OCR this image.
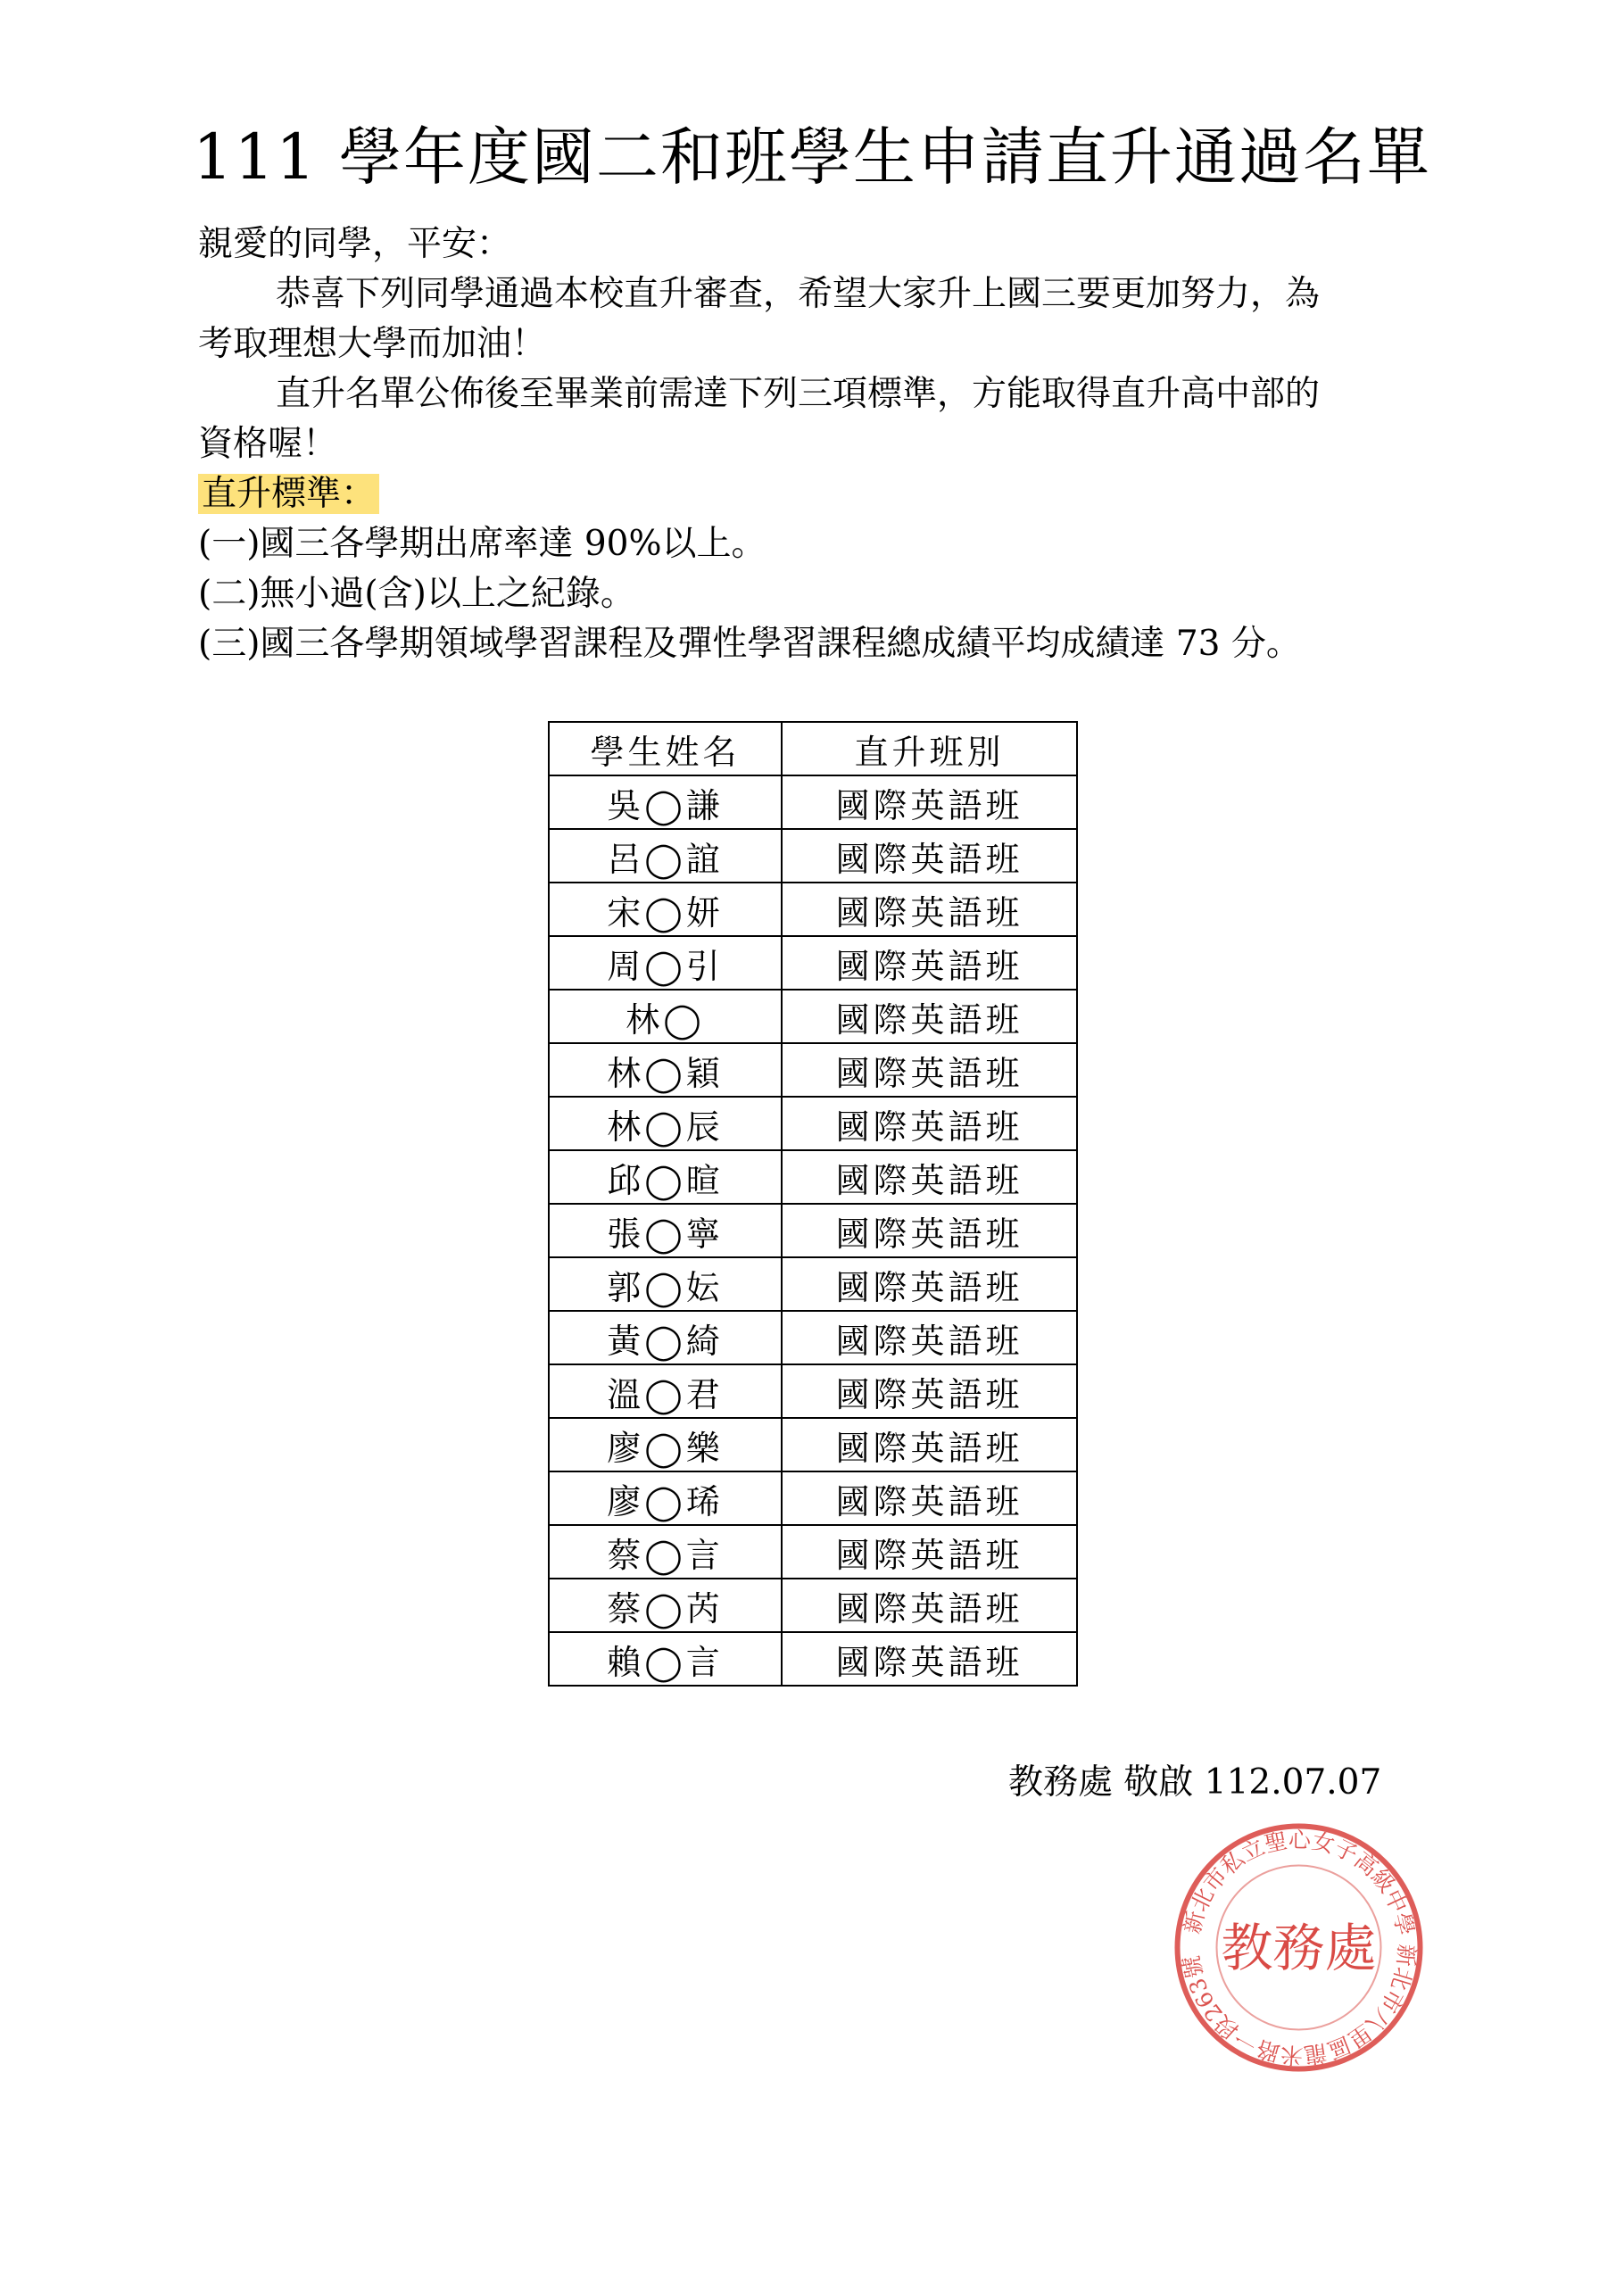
111 學年度國二和班學生申請直升通過名單
親愛的同學，平安：
恭喜下列同學通過本校直升審查，希望大家升上國三要更加努力，為
考取理想大學而加油！
直升名單公佈後至畢業前需達下列三項標準，方能取得直升高中部的
資格喔！
直升標準：
(一)國三各學期出席率達 90%以上。
(二)無小過(含)以上之紀錄。
(三)國三各學期領域學習課程及彈性學習課程總成績平均成績達 73 分。
學生姓名	直升班別
吳◯謙	國際英語班
呂◯誼	國際英語班
宋◯妍	國際英語班
周◯引	國際英語班
林◯	國際英語班
林◯穎	國際英語班
林◯辰	國際英語班
邱◯暄	國際英語班
張◯寧	國際英語班
郭◯妘	國際英語班
黃◯綺	國際英語班
溫◯君	國際英語班
廖◯樂	國際英語班
廖◯琋	國際英語班
蔡◯言	國際英語班
蔡◯芮	國際英語班
賴◯言	國際英語班
教務處 敬啟 112.07.07
新北市私立聖心女子高級中學 新北市八里區龍米路一段263號 教務處
